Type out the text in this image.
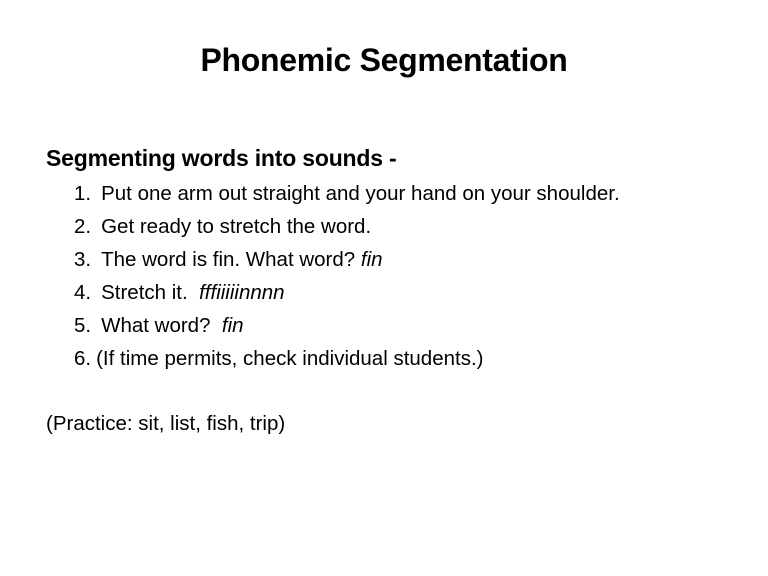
Phonemic Segmentation
Segmenting words into sounds -
1. Put one arm out straight and your hand on your shoulder.
2. Get ready to stretch the word.
3. The word is fin. What word? fin
4. Stretch it. fffiiiiinnnn
5. What word? fin
6. (If time permits, check individual students.)
(Practice: sit, list, fish, trip)
